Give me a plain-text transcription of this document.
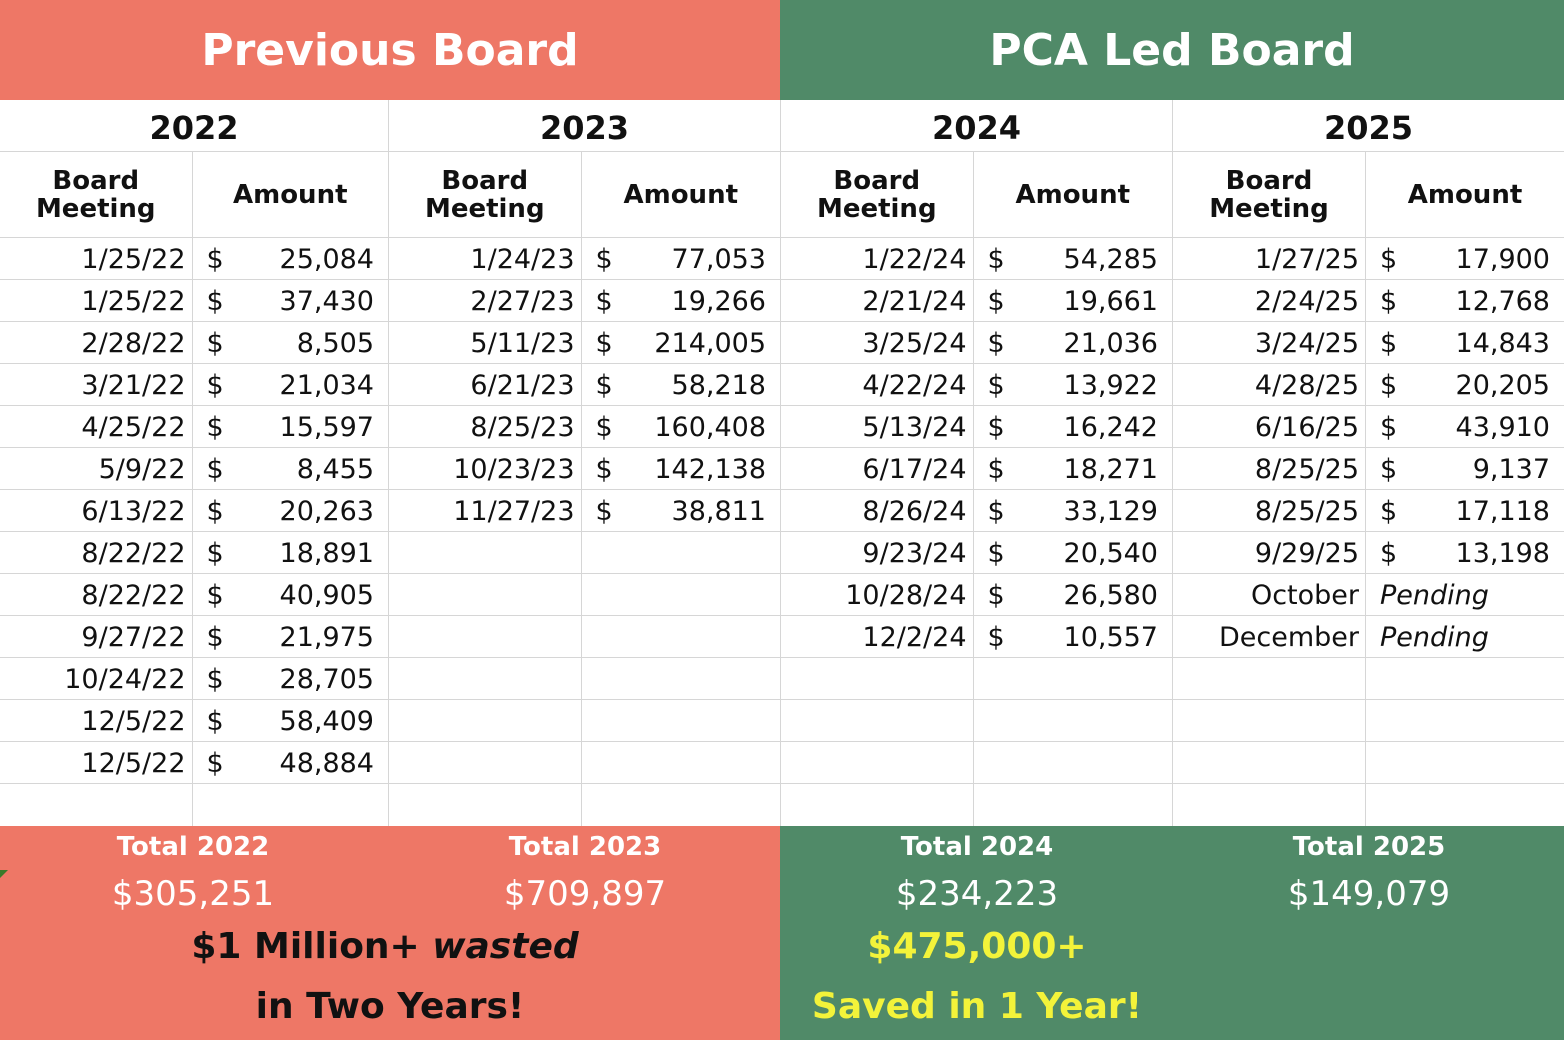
Previous Board	PCA Led Board
2022
Board
Meeting	Amount
1/25/22 $ 25,084
1/25/22 $ 37,430
2/28/22 $	8,505
3/21/22 $ 21,034
4/25/22 $ 15,597
5/9/22 $	8,455
6/13/22 $ 20,263
8/22/22 $ 18,891
8/22/22 $ 40,905
9/27/22 $ 21,975
10/24/22 $ 28,705
12/5/22 $ 58,409
12/5/22 $ 48,884
2023
Board
Meeting	Amount
1/24/23 $ 77,053
2/27/23 $ 19,266
5/11/23 $ 214,005
6/21/23 $ 58,218
8/25/23 $ 160,408
10/23/23 $ 142,138
11/27/23 $ 38,811
2024
Board
Meeting	Amount
1/22/24 $ 54,285
2/21/24 $ 19,661
3/25/24 $ 21,036
4/22/24 $ 13,922
5/13/24 $ 16,242
6/17/24 $ 18,271
8/26/24 $ 33,129
9/23/24 $ 20,540
10/28/24 $ 26,580
12/2/24 $ 10,557
2025
Board
Meeting	Amount
1/27/25 $ 17,900
2/24/25 $ 12,768
3/24/25 $ 14,843
4/28/25 $ 20,205
6/16/25 $ 43,910
8/25/25 $	9,137
8/25/25 $ 17,118
9/29/25 $ 13,198
October Pending
December Pending
Total 2022
$305,251
Total 2023
$709,897
$1 Million+ wasted
in Two Years!
Total 2024
$234,223
Total 2025
$149,079
$475,000+
Saved in 1 Year!
